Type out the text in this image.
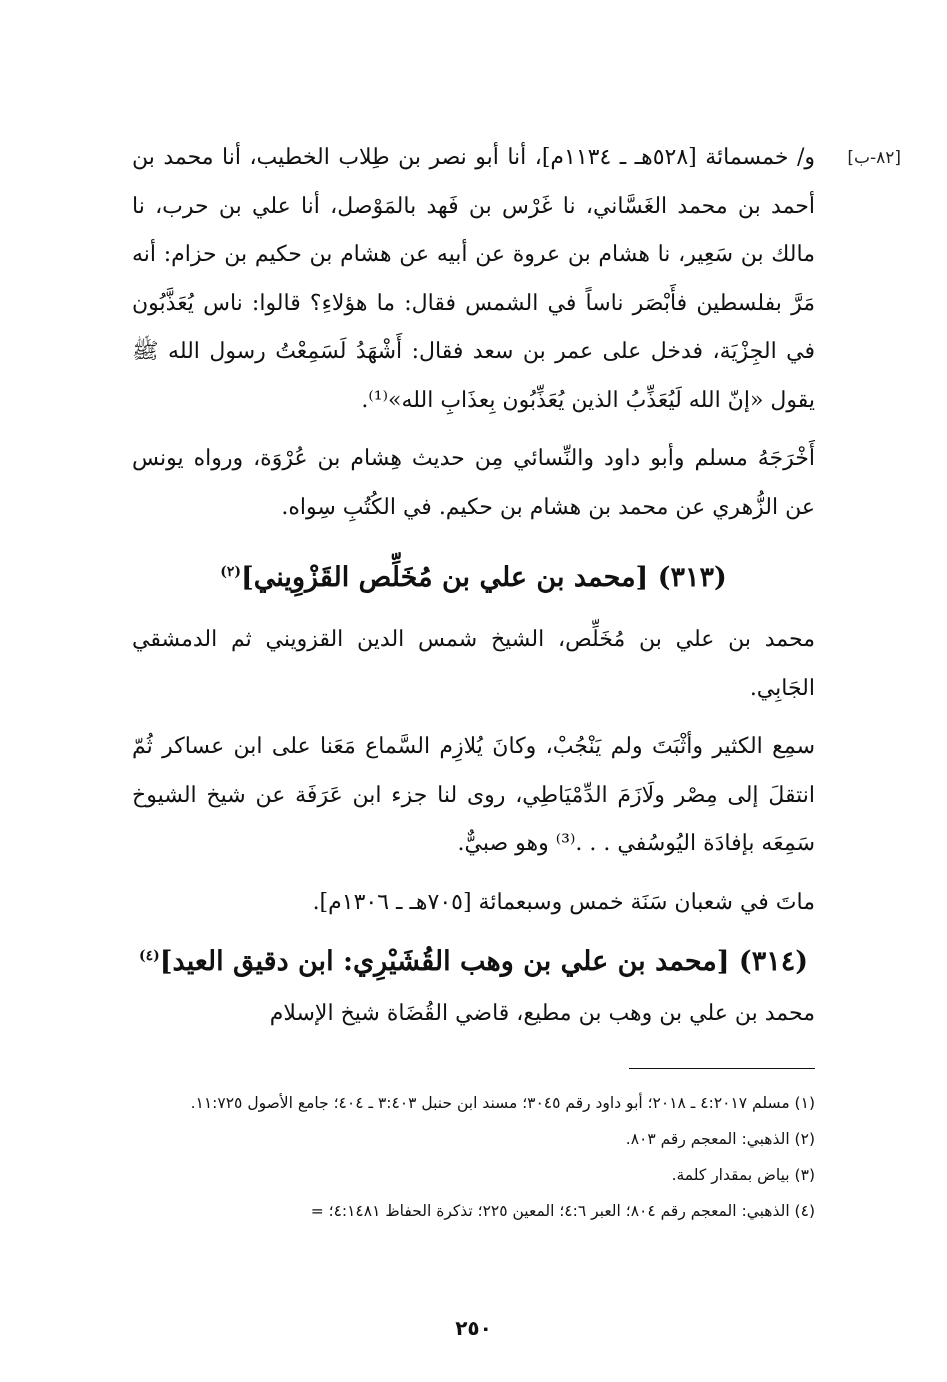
[٨٢-ب]

و/ خمسمائة [٥٢٨هـ ـ ١١٣٤م]، أنا أبو نصر بن طِلاب الخطيب، أنا محمد بن أحمد بن محمد الغَسَّاني، نا غَرْس بن فَهد بالمَوْصل، أنا علي بن حرب، نا مالك بن سَعِير، نا هشام بن عروة عن أبيه عن هشام بن حكيم بن حزام: أنه مَرَّ بفلسطين فأَبْصَر ناساً في الشمس فقال: ما هؤلاءِ؟ قالوا: ناس يُعَذَّبُون في الجِزْيَة، فدخل على عمر بن سعد فقال: أَشْهَدُ لَسَمِعْتُ رسول الله ﷺ يقول «إنّ الله لَيُعَذِّبُ الذين يُعَذِّبُون بِعذَابِ الله»⁽¹⁾.

أَخْرَجَهُ مسلم وأبو داود والنِّسائي مِن حديث هِشام بن عُرْوَة، ورواه يونس عن الزُّهري عن محمد بن هشام بن حكيم. في الكُتُبِ سِواه.

(٣١٣) [محمد بن علي بن مُخَلِّص القَزْوِيني]$^{(٢)}$

محمد بن علي بن مُخَلِّص، الشيخ شمس الدين القزويني ثم الدمشقي الجَابِي.

سمِع الكثير وأثْبَتَ ولم يَنْجُبْ، وكانَ يُلازِم السَّماع مَعَنا على ابن عساكر ثُمّ انتقلَ إلى مِصْر ولَازَمَ الدِّمْيَاطِي، روى لنا جزء ابن عَرَفَة عن شيخ الشيوخ سَمِعَه بإفادَة اليُوسُفي . . .⁽³⁾ وهو صبيٌّ.

ماتَ في شعبان سَنَة خمس وسبعمائة [٧٠٥هـ ـ ١٣٠٦م].

(٣١٤) [محمد بن علي بن وهب القُشَيْرِي: ابن دقيق العيد]$^{(٤)}$

محمد بن علي بن وهب بن مطيع، قاضي القُضَاة شيخ الإسلام

(١) مسلم ٤:٢٠١٧ ـ ٢٠١٨؛ أبو داود رقم ٣٠٤٥؛ مسند ابن حنبل ٣:٤٠٣ ـ ٤٠٤؛ جامع الأصول ١١:٧٢٥.

(٢) الذهبي: المعجم رقم ٨٠٣.

(٣) بياض بمقدار كلمة.

(٤) الذهبي: المعجم رقم ٨٠٤؛ العبر ٤:٦؛ المعين ٢٢٥؛ تذكرة الحفاظ ٤:١٤٨١؛ =

٢٥٠
